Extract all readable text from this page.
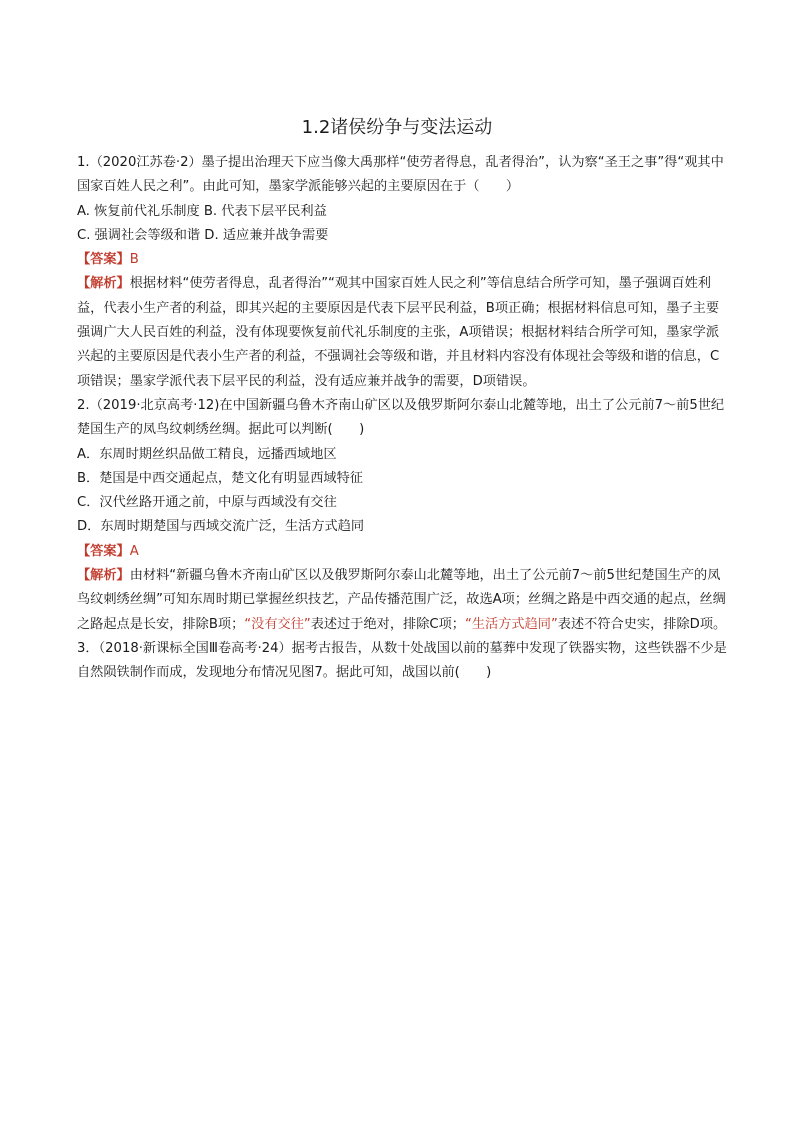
1.2诸侯纷争与变法运动

1.（2020江苏卷·2）墨子提出治理天下应当像大禹那样“使劳者得息，乱者得治”，认为察“圣王之事”得“观其中国家百姓人民之利”。由此可知，墨家学派能够兴起的主要原因在于（　　）

A. 恢复前代礼乐制度 B. 代表下层平民利益

C. 强调社会等级和谐 D. 适应兼并战争需要

【答案】B

【解析】根据材料“使劳者得息，乱者得治”“观其中国家百姓人民之利”等信息结合所学可知，墨子强调百姓利益，代表小生产者的利益，即其兴起的主要原因是代表下层平民利益，B项正确；根据材料信息可知，墨子主要强调广大人民百姓的利益，没有体现要恢复前代礼乐制度的主张，A项错误；根据材料结合所学可知，墨家学派兴起的主要原因是代表小生产者的利益，不强调社会等级和谐，并且材料内容没有体现社会等级和谐的信息，C项错误；墨家学派代表下层平民的利益，没有适应兼并战争的需要，D项错误。

2.（2019·北京高考·12)在中国新疆乌鲁木齐南山矿区以及俄罗斯阿尔泰山北麓等地，出土了公元前7～前5世纪楚国生产的凤鸟纹刺绣丝绸。据此可以判断(　　)

A．东周时期丝织品做工精良，远播西域地区

B．楚国是中西交通起点，楚文化有明显西域特征

C．汉代丝路开通之前，中原与西域没有交往

D．东周时期楚国与西域交流广泛，生活方式趋同

【答案】A

【解析】由材料“新疆乌鲁木齐南山矿区以及俄罗斯阿尔泰山北麓等地，出土了公元前7～前5世纪楚国生产的凤鸟纹刺绣丝绸”可知东周时期已掌握丝织技艺，产品传播范围广泛，故选A项；丝绸之路是中西交通的起点，丝绸之路起点是长安，排除B项；“没有交往”表述过于绝对，排除C项；“生活方式趋同”表述不符合史实，排除D项。

3．（2018·新课标全国Ⅲ卷高考·24）据考古报告，从数十处战国以前的墓葬中发现了铁器实物，这些铁器不少是自然陨铁制作而成，发现地分布情况见图7。据此可知，战国以前(　　)
